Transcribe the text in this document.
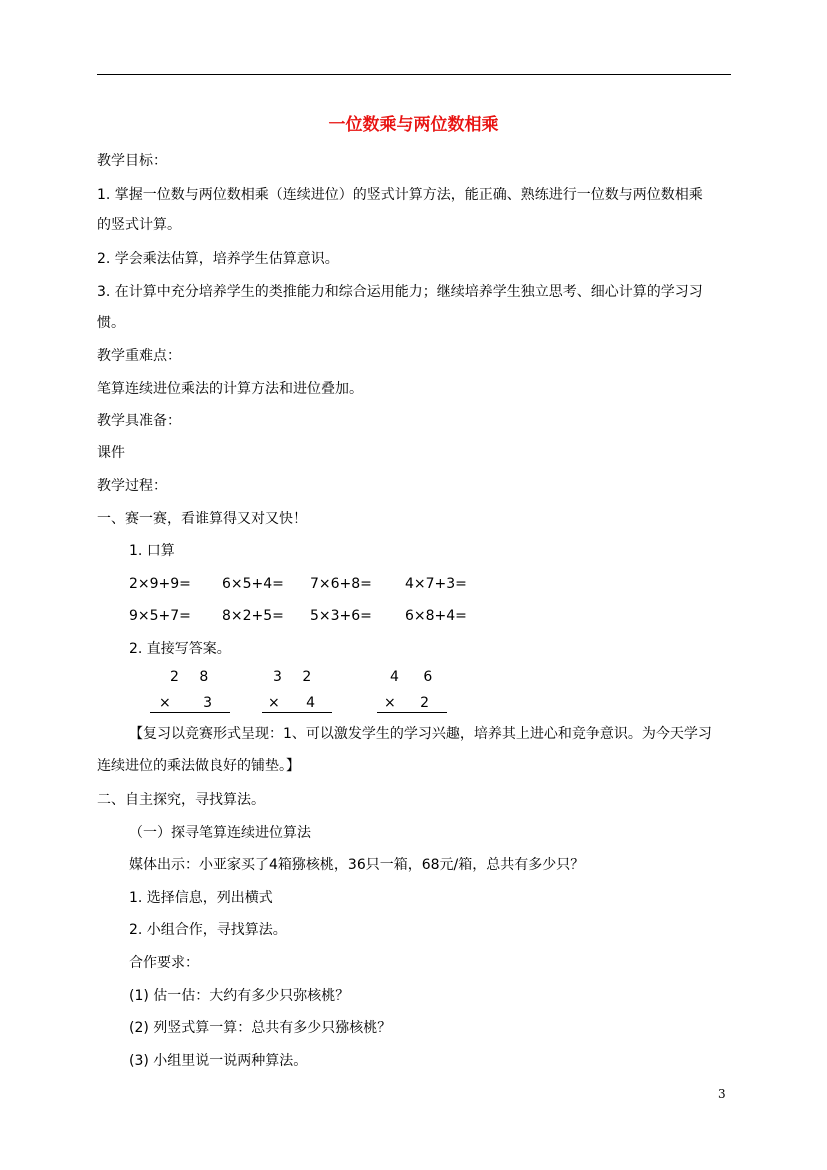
一位数乘与两位数相乘
教学目标：
1. 掌握一位数与两位数相乘（连续进位）的竖式计算方法，能正确、熟练进行一位数与两位数相乘
的竖式计算。
2. 学会乘法估算，培养学生估算意识。
3. 在计算中充分培养学生的类推能力和综合运用能力；继续培养学生独立思考、细心计算的学习习
惯。
教学重难点：
笔算连续进位乘法的计算方法和进位叠加。
教学具准备：
课件
教学过程：
一、赛一赛，看谁算得又对又快！
1. 口算
2×9+9= 6×5+4= 7×6+8= 4×7+3=
9×5+7= 8×2+5= 5×3+6= 6×8+4=
2. 直接写答案。
2 8
× 3
3 2
× 4
4 6
× 2
【复习以竞赛形式呈现：1、可以激发学生的学习兴趣，培养其上进心和竞争意识。为今天学习
连续进位的乘法做良好的铺垫。】
二、自主探究，寻找算法。
（一）探寻笔算连续进位算法
媒体出示：小亚家买了4箱猕核桃，36只一箱，68元/箱，总共有多少只？
1. 选择信息，列出横式
2. 小组合作，寻找算法。
合作要求：
(1) 估一估：大约有多少只弥核桃？
(2) 列竖式算一算：总共有多少只猕核桃？
(3) 小组里说一说两种算法。
3
